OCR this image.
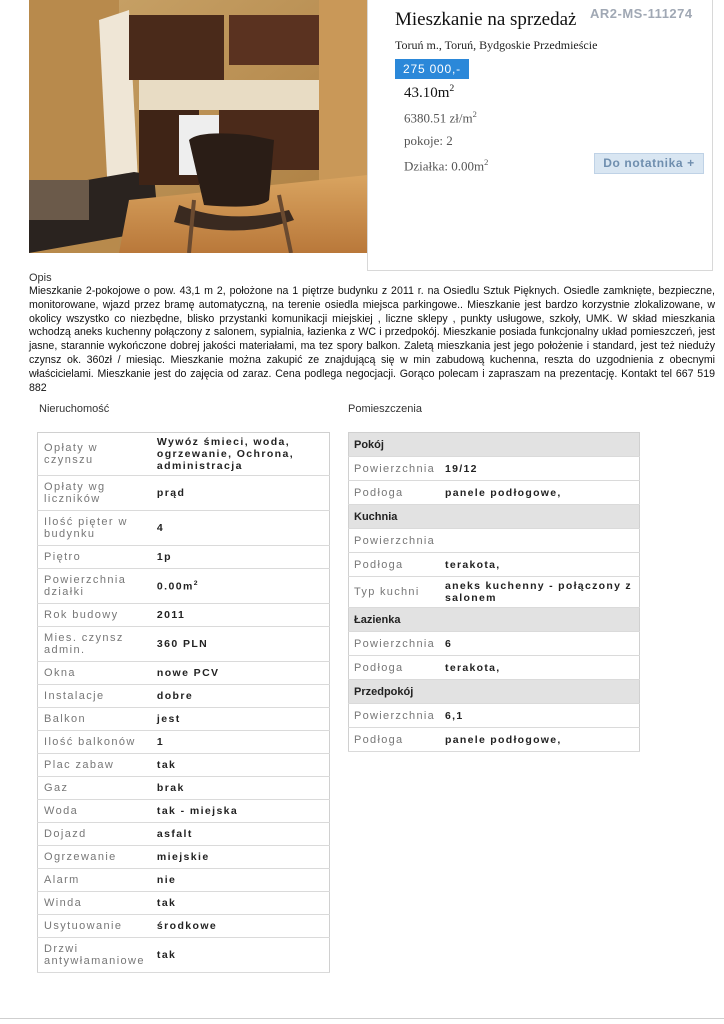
AR2-MS-111274
Mieszkanie na sprzedaż
Toruń m., Toruń, Bydgoskie Przedmieście
275 000,-
$43.10m^2$
6380.51 $zł/m^2$
pokoje: 2
Działka: $0.00m^2$	Do notatnika +
Opis
Mieszkanie 2-pokojowe o pow. 43,1 m 2, położone na 1 piętrze budynku z 2011 r. na Osiedlu Sztuk Pięknych. Osiedle zamknięte, bezpieczne, monitorowane, wjazd przez bramę automatyczną, na terenie osiedla miejsca parkingowe.. Mieszkanie jest bardzo korzystnie zlokalizowane, w okolicy wszystko co niezbędne, blisko przystanki komunikacji miejskiej , liczne sklepy , punkty usługowe, szkoły, UMK. W skład mieszkania wchodzą aneks kuchenny połączony z salonem, sypialnia, łazienka z WC i przedpokój. Mieszkanie posiada funkcjonalny układ pomieszczeń, jest jasne, starannie wykończone dobrej jakości materiałami, ma tez spory balkon. Zaletą mieszkania jest jego położenie i standard, jest też nieduży czynsz ok. 360zł / miesiąc. Mieszkanie można zakupić ze znajdującą się w min zabudową kuchenna, reszta do uzgodnienia z obecnymi właścicielami. Mieszkanie jest do zajęcia od zaraz. Cena podlega negocjacji. Gorąco polecam i zapraszam na prezentację. Kontakt tel 667 519 882
Nieruchomość	Pomieszczenia
Opłaty w czynszu	Wywóz śmieci, woda, ogrzewanie, Ochrona, administracja
Opłaty wg liczników	prąd
Ilość pięter w budynku	4
Piętro	1p
Powierzchnia działki	$0.00m^2$
Rok budowy	2011
Mies. czynsz admin.	360 PLN
Okna	nowe PCV
Instalacje	dobre
Balkon	jest
Ilość balkonów	1
Plac zabaw	tak
Gaz	brak
Woda	tak - miejska
Dojazd	asfalt
Ogrzewanie	miejskie
Alarm	nie
Winda	tak
Usytuowanie	środkowe
Drzwi antywłamaniowe	tak
Pokój	
Powierzchnia	19/12
Podłoga	panele podłogowe,
Kuchnia	
Powierzchnia	
Podłoga	terakota,
Typ kuchni	aneks kuchenny - połączony z salonem
Łazienka	
Powierzchnia	6
Podłoga	terakota,
Przedpokój	
Powierzchnia	6,1
Podłoga	panele podłogowe,
